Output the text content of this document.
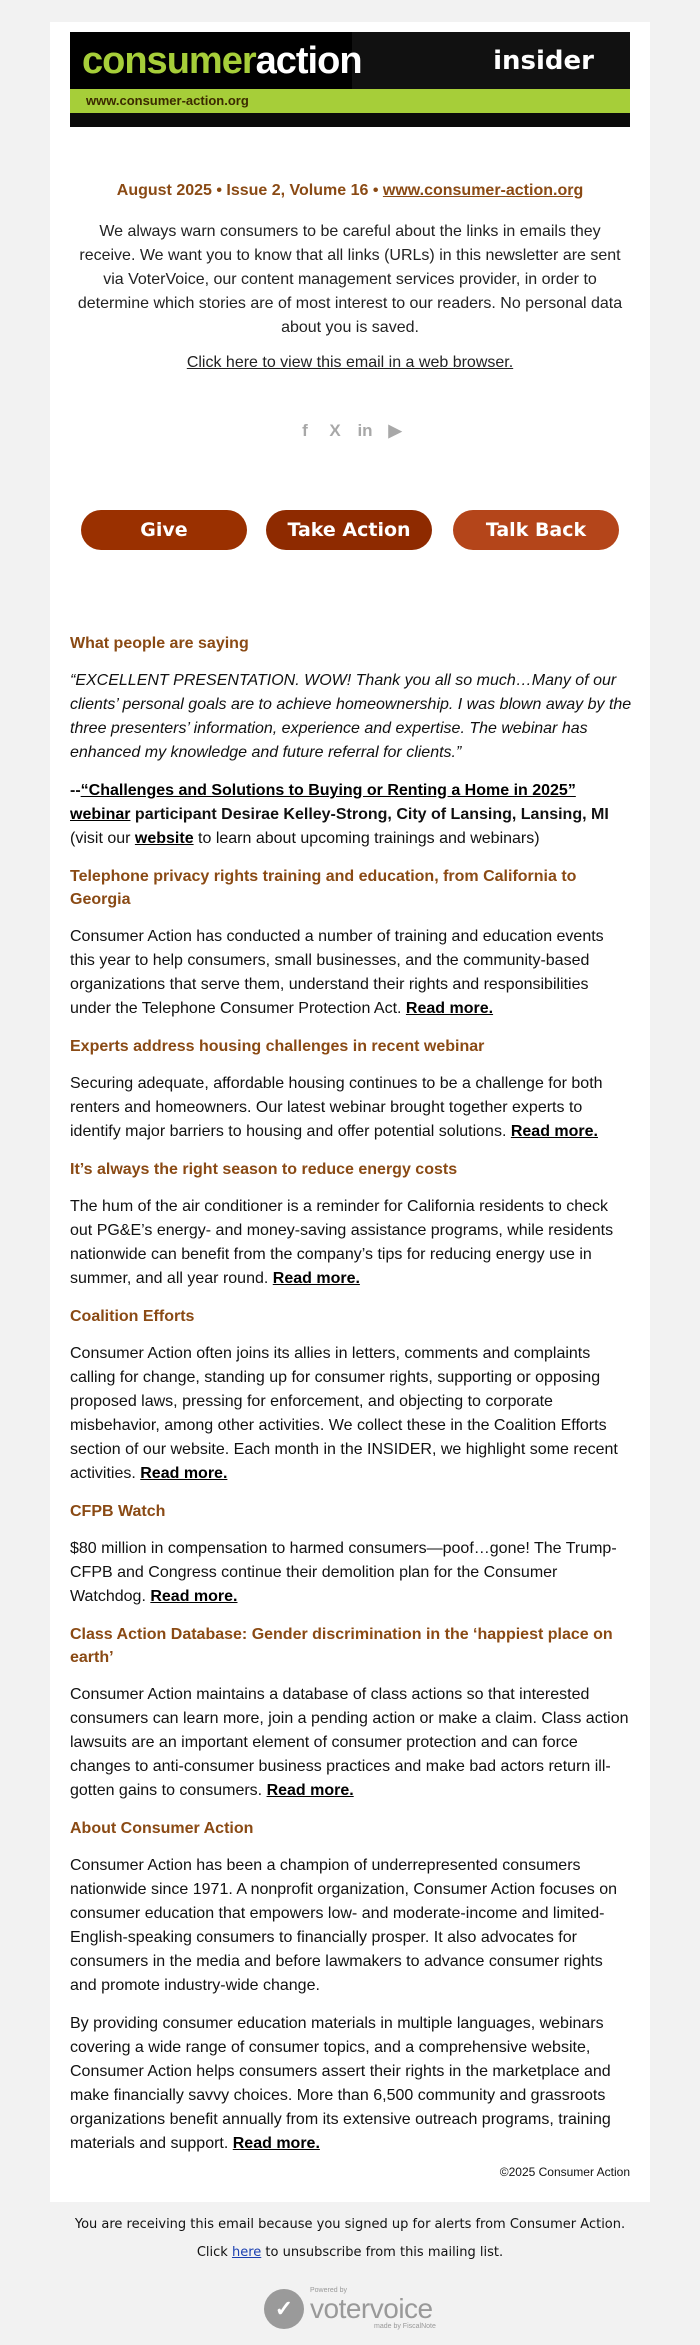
consumeraction	insider
www.consumer-action.org
August 2025 • Issue 2, Volume 16 • www.consumer-action.org
We always warn consumers to be careful about the links in emails they receive. We want you to know that all links (URLs) in this newsletter are sent via VoterVoice, our content management services provider, in order to determine which stories are of most interest to our readers. No personal data about you is saved.
Click here to view this email in a web browser.
f	X in ▶
Give	Take Action	Talk Back
What people are saying

“EXCELLENT PRESENTATION. WOW! Thank you all so much…Many of our clients’ personal goals are to achieve homeownership. I was blown away by the three presenters’ information, experience and expertise. The webinar has enhanced my knowledge and future referral for clients.”

--“Challenges and Solutions to Buying or Renting a Home in 2025” webinar participant Desirae Kelley-Strong, City of Lansing, Lansing, MI (visit our website to learn about upcoming trainings and webinars)

Telephone privacy rights training and education, from California to Georgia

Consumer Action has conducted a number of training and education events this year to help consumers, small businesses, and the community-based organizations that serve them, understand their rights and responsibilities under the Telephone Consumer Protection Act. Read more.

Experts address housing challenges in recent webinar

Securing adequate, affordable housing continues to be a challenge for both renters and homeowners. Our latest webinar brought together experts to identify major barriers to housing and offer potential solutions. Read more.

It’s always the right season to reduce energy costs

The hum of the air conditioner is a reminder for California residents to check out PG&E’s energy- and money-saving assistance programs, while residents nationwide can benefit from the company’s tips for reducing energy use in summer, and all year round. Read more.

Coalition Efforts

Consumer Action often joins its allies in letters, comments and complaints calling for change, standing up for consumer rights, supporting or opposing proposed laws, pressing for enforcement, and objecting to corporate misbehavior, among other activities. We collect these in the Coalition Efforts section of our website. Each month in the INSIDER, we highlight some recent activities. Read more.

CFPB Watch

$80 million in compensation to harmed consumers—poof…gone! The Trump-CFPB and Congress continue their demolition plan for the Consumer Watchdog. Read more.

Class Action Database: Gender discrimination in the ‘happiest place on earth’

Consumer Action maintains a database of class actions so that interested consumers can learn more, join a pending action or make a claim. Class action lawsuits are an important element of consumer protection and can force changes to anti-consumer business practices and make bad actors return ill-gotten gains to consumers. Read more.

About Consumer Action

Consumer Action has been a champion of underrepresented consumers nationwide since 1971. A nonprofit organization, Consumer Action focuses on consumer education that empowers low- and moderate-income and limited-English-speaking consumers to financially prosper. It also advocates for consumers in the media and before lawmakers to advance consumer rights and promote industry-wide change.

By providing consumer education materials in multiple languages, webinars covering a wide range of consumer topics, and a comprehensive website, Consumer Action helps consumers assert their rights in the marketplace and make financially savvy choices. More than 6,500 community and grassroots organizations benefit annually from its extensive outreach programs, training materials and support. Read more.

©2025 Consumer Action

You are receiving this email because you signed up for alerts from Consumer Action.

Click here to unsubscribe from this mailing list.

✓
Powered by
votervoice
made by FiscalNote
